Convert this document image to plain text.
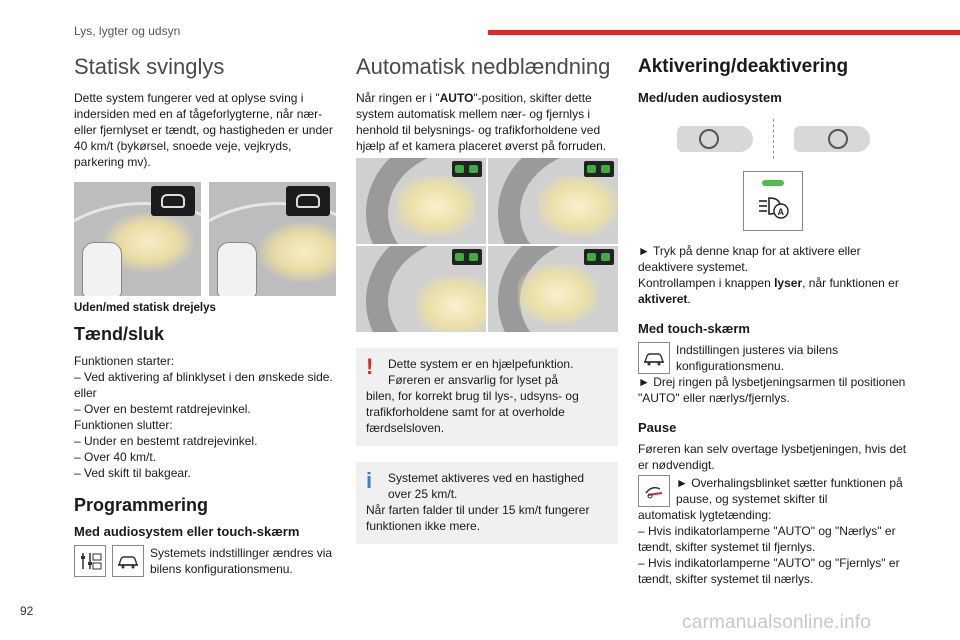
Lys, lygter og udsyn
92
carmanualsonline.info
Statisk svinglys

Dette system fungerer ved at oplyse sving i indersiden med en af tågeforlygterne, når nær- eller fjernlyset er tændt, og hastigheden er under 40 km/t (bykørsel, snoede veje, vejkryds, parkering mv).

Uden/med statisk drejelys
Tænd/sluk
Funktionen starter:
– Ved aktivering af blinklyset i den ønskede side.
eller
– Over en bestemt ratdrejevinkel.
Funktionen slutter:
– Under en bestemt ratdrejevinkel.
– Over 40 km/t.
– Ved skift til bakgear.
Programmering
Med audiosystem eller touch-skærm

Systemets indstillinger ændres via bilens konfigurationsmenu.

Automatisk nedblændning

Når ringen er i "AUTO"-position, skifter dette system automatisk mellem nær- og fjernlys i henhold til belysnings- og trafikforholdene ved hjælp af et kamera placeret øverst på forruden.

! Dette system er en hjælpefunktion. Føreren er ansvarlig for lyset på

bilen, for korrekt brug til lys-, udsyns- og trafikforholdene samt for at overholde færdselsloven.

i Systemet aktiveres ved en hastighed over 25 km/t.

Når farten falder til under 15 km/t fungerer funktionen ikke mere.

Aktivering/deaktivering
Med/uden audiosystem
A

► Tryk på denne knap for at aktivere eller deaktivere systemet.

Kontrollampen i knappen lyser, når funktionen er aktiveret.

Med touch-skærm

Indstillingen justeres via bilens konfigurationsmenu.

► Drej ringen på lysbetjeningsarmen til positionen "AUTO" eller nærlys/fjernlys.

Pause

Føreren kan selv overtage lysbetjeningen, hvis det er nødvendigt.

► Overhalingsblinket sætter funktionen på pause, og systemet skifter til

automatisk lygtetænding:

– Hvis indikatorlamperne "AUTO" og "Nærlys" er tændt, skifter systemet til fjernlys.

– Hvis indikatorlamperne "AUTO" og "Fjernlys" er tændt, skifter systemet til nærlys.
